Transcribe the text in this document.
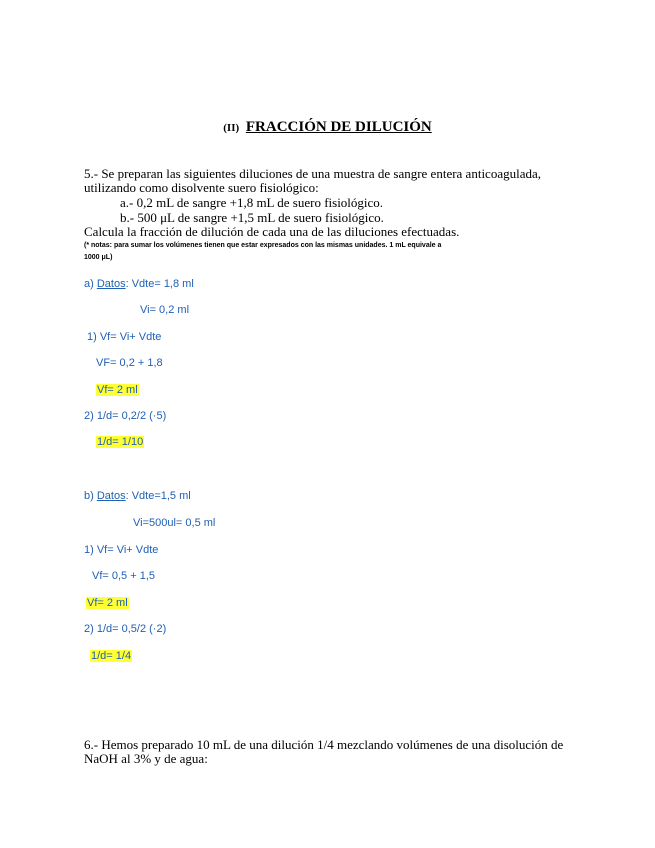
(II) FRACCIÓN DE DILUCIÓN
5.- Se preparan las siguientes diluciones de una muestra de sangre entera anticoagulada,
utilizando como disolvente suero fisiológico:
a.- 0,2 mL de sangre +1,8 mL de suero fisiológico.
b.- 500 μL de sangre +1,5 mL de suero fisiológico.
Calcula la fracción de dilución de cada una de las diluciones efectuadas.
(* notas: para sumar los volúmenes tienen que estar expresados con las mismas unidades. 1 mL equivale a
1000 μL)
a) Datos: Vdte= 1,8 ml
Vi= 0,2 ml
1) Vf= Vi+ Vdte
VF= 0,2 + 1,8
Vf= 2 ml
2) 1/d= 0,2/2 (·5)
1/d= 1/10
b) Datos: Vdte=1,5 ml
Vi=500ul= 0,5 ml
1) Vf= Vi+ Vdte
Vf= 0,5 + 1,5
Vf= 2 ml
2) 1/d= 0,5/2 (·2)
1/d= 1/4
6.- Hemos preparado 10 mL de una dilución 1/4 mezclando volúmenes de una disolución de
NaOH al 3% y de agua:
